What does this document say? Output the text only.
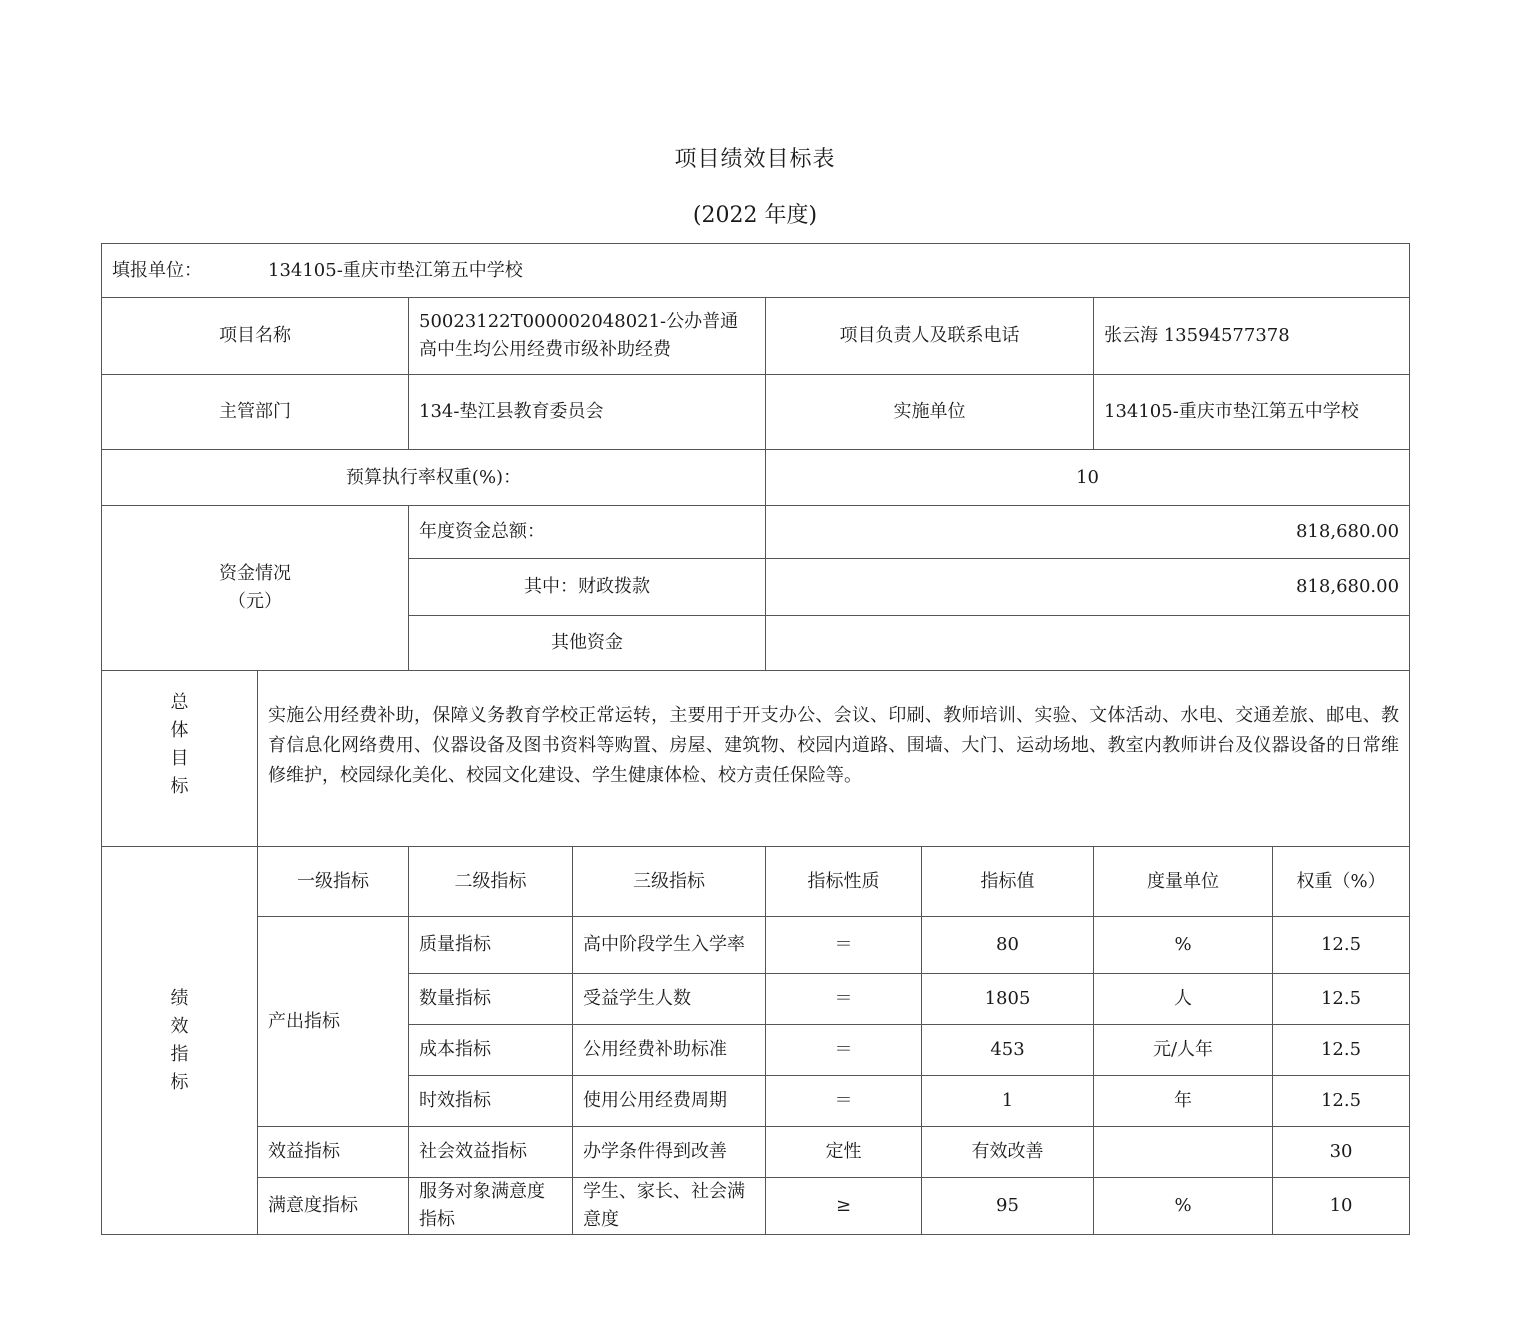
项目绩效目标表
(2022 年度)
填报单位： 134105-重庆市垫江第五中学校							
项目名称		50023122T000002048021-公办普通高中生均公用经费市级补助经费		项目负责人及联系电话		张云海 13594577378	
主管部门		134-垫江县教育委员会		实施单位		134105-重庆市垫江第五中学校	
预算执行率权重(%)：				10			

资金情况
（元）		年度资金总额：		818,680.00			
		其中：财政拨款		818,680.00			
		其他资金					
总体目标	实施公用经费补助，保障义务教育学校正常运转，主要用于开支办公、会议、印刷、教师培训、实验、文体活动、水电、交通差旅、邮电、教育信息化网络费用、仪器设备及图书资料等购置、房屋、建筑物、校园内道路、围墙、大门、运动场地、教室内教师讲台及仪器设备的日常维修维护，校园绿化美化、校园文化建设、学生健康体检、校方责任保险等。						
绩效指标	一级指标	二级指标	三级指标	指标性质	指标值	度量单位	权重（%）
	产出指标	质量指标	高中阶段学生入学率	＝	80	%	12.5
		数量指标	受益学生人数	＝	1805	人	12.5
		成本指标	公用经费补助标准	＝	453	元/人年	12.5
		时效指标	使用公用经费周期	＝	1	年	12.5
	效益指标	社会效益指标	办学条件得到改善	定性	有效改善		30
	满意度指标	服务对象满意度指标	学生、家长、社会满意度	≥	95	%	10
